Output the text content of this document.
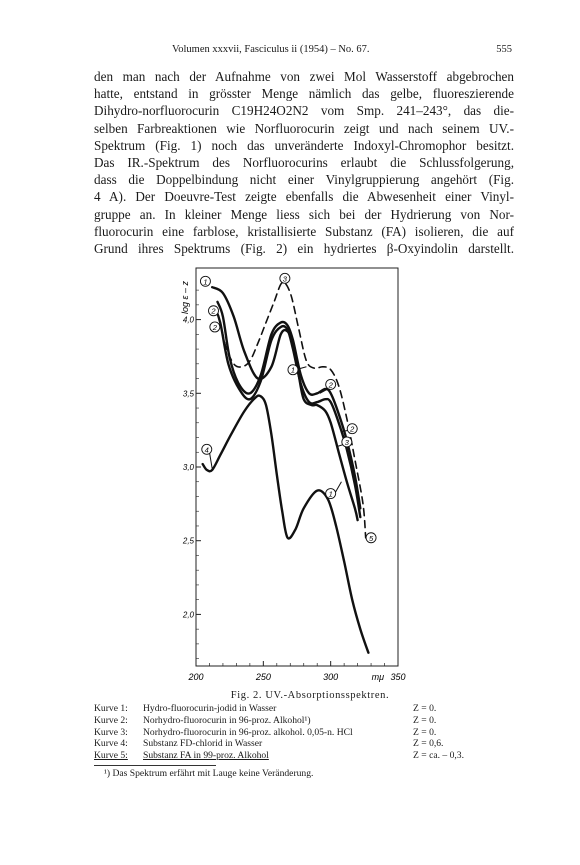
Volumen xxxvii, Fasciculus ii (1954) – No. 67.	555
den man nach der Aufnahme von zwei Mol Wasserstoff abgebrochen
hatte, entstand in grösster Menge nämlich das gelbe, fluoreszierende
Dihydro-norfluorocurin C19H24O2N2 vom Smp. 241–243°, das die-
selben Farbreaktionen wie Norfluorocurin zeigt und nach seinem UV.-
Spektrum (Fig. 1) noch das unveränderte Indoxyl-Chromophor besitzt.
Das IR.-Spektrum des Norfluorocurins erlaubt die Schlussfolgerung,
dass die Doppelbindung nicht einer Vinylgruppierung angehört (Fig.
4 A). Der Doeuvre-Test zeigte ebenfalls die Abwesenheit einer Vinyl-
gruppe an. In kleiner Menge liess sich bei der Hydrierung von Nor-
fluorocurin eine farblose, kristallisierte Substanz (FA) isolieren, die auf
Grund ihres Spektrums (Fig. 2) ein hydriertes β-Oxyindolin darstellt.
200	250	300	350
2,0
2,5
3,0
3,5
4,0
log ε – z
mμ
1
2
2
1
3
4
5
2
2
3
1
Fig. 2. UV.-Absorptionsspektren.
Kurve 1: Hydro-fluorocurin-jodid in Wasser	Z = 0.
Kurve 2: Norhydro-fluorocurin in 96-proz. Alkohol¹)	Z = 0.
Kurve 3: Norhydro-fluorocurin in 96-proz. alkohol. 0,05-n. HCl	Z = 0.
Kurve 4: Substanz FD-chlorid in Wasser	Z = 0,6.
Kurve 5: Substanz FA in 99-proz. Alkohol	Z = ca. – 0,3.
¹) Das Spektrum erfährt mit Lauge keine Veränderung.
